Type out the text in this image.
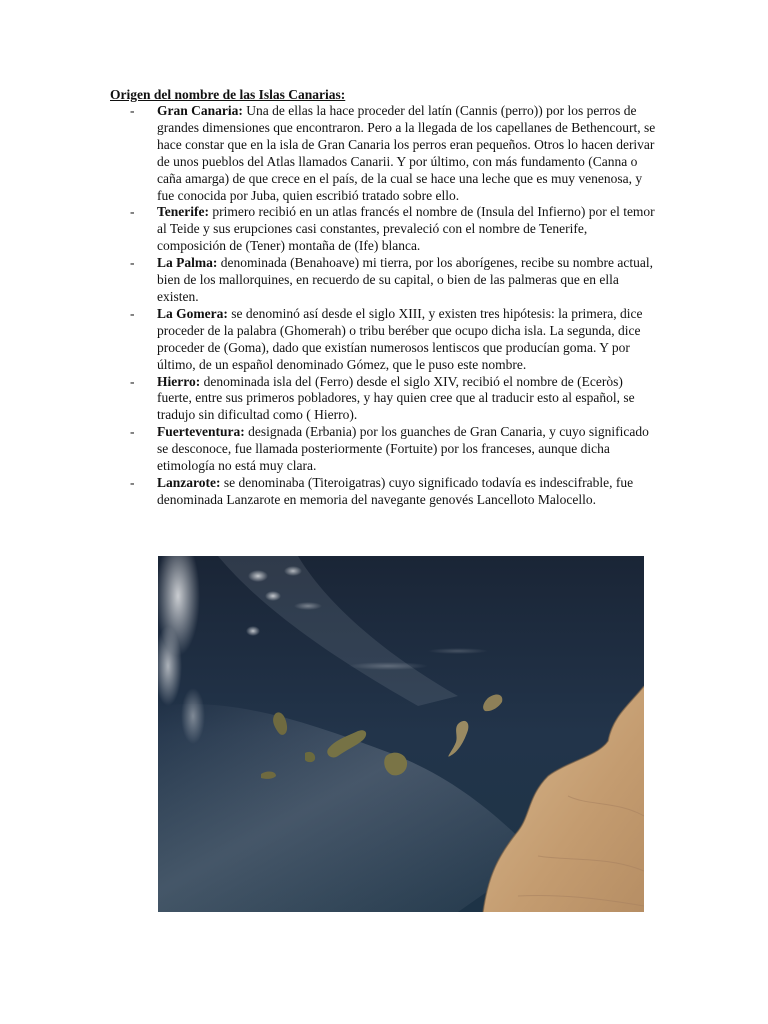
Origen del nombre de las Islas Canarias:
- Gran Canaria: Una de ellas la hace proceder del latín (Cannis (perro)) por los perros de grandes dimensiones que encontraron. Pero a la llegada de los capellanes de Bethencourt, se hace constar que en la isla de Gran Canaria los perros eran pequeños. Otros lo hacen derivar de unos pueblos del Atlas llamados Canarii. Y por último, con más fundamento (Canna o caña amarga) de que crece en el país, de la cual se hace una leche que es muy venenosa, y fue conocida por Juba, quien escribió tratado sobre ello.
- Tenerife: primero recibió en un atlas francés el nombre de (Insula del Infierno) por el temor al Teide y sus erupciones casi constantes, prevaleció con el nombre de Tenerife, composición de (Tener) montaña de (Ife) blanca.
- La Palma: denominada (Benahoave) mi tierra, por los aborígenes, recibe su nombre actual, bien de los mallorquines, en recuerdo de su capital, o bien de las palmeras que en ella existen.
- La Gomera: se denominó así desde el siglo XIII, y existen tres hipótesis: la primera, dice proceder de la palabra (Ghomerah) o tribu beréber que ocupo dicha isla. La segunda, dice proceder de (Goma), dado que existían numerosos lentiscos que producían goma. Y por último, de un español denominado Gómez, que le puso este nombre.
- Hierro: denominada isla del (Ferro) desde el siglo XIV, recibió el nombre de (Eceròs) fuerte, entre sus primeros pobladores, y hay quien cree que al traducir esto al español, se tradujo sin dificultad como ( Hierro).
- Fuerteventura: designada (Erbania) por los guanches de Gran Canaria, y cuyo significado se desconoce, fue llamada posteriormente (Fortuite) por los franceses, aunque dicha etimología no está muy clara.
- Lanzarote: se denominaba (Titeroigatras) cuyo significado todavía es indescifrable, fue denominada Lanzarote en memoria del navegante genovés Lancelloto Malocello.
